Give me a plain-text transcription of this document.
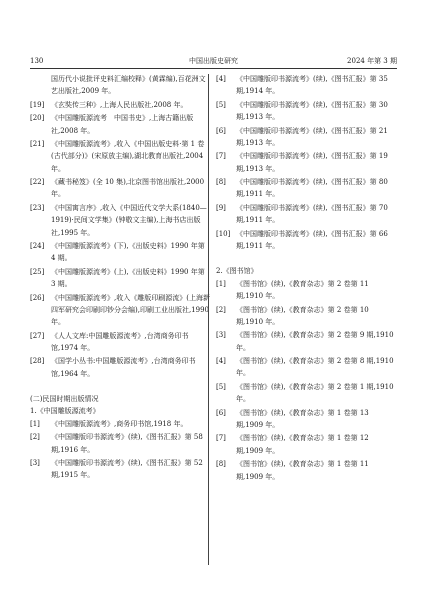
130	中国出版史研究	2024 年第 3 期
国历代小说批评史料汇编校释》(黄霖编),百花洲文艺出版社,2009 年。
[19] 《玄奘传三种》,上海人民出版社,2008 年。
[20] 《中国雕版源流考　中国书史》,上海古籍出版社,2008 年。
[21] 《中国雕版源流考》,收入《中国出版史料·第 1 卷(古代部分)》(宋原放主编),湖北教育出版社,2004 年。
[22] 《藏书秘笈》(全 10 集),北京图书馆出版社,2000 年。
[23] 《中国寓言序》,收入《中国近代文学大系(1840—1919)·民间文学集》(钟敬文主编),上海书店出版社,1995 年。
[24] 《中国雕版源流考》(下),《出版史料》1990 年第 4 期。
[25] 《中国雕版源流考》(上),《出版史料》1990 年第 3 期。
[26] 《中国雕版源流考》,收入《雕版印刷源流》(上海新四军研究会印刷印钞分会编),印刷工业出版社,1990 年。
[27] 《人人文库:中国雕版源流考》,台湾商务印书馆,1974 年。
[28] 《国学小丛书:中国雕版源流考》,台湾商务印书馆,1964 年。
(二)民国时期出版情况
1.《中国雕版源流考》
[1]	《中国雕版源流考》,商务印书馆,1918 年。
[2]	《中国雕版印书源流考》(续),《图书汇报》第 58 期,1916 年。
[3]	《中国雕版印书源流考》(续),《图书汇报》第 52 期,1915 年。
[4]	《中国雕版印书源流考》(续),《图书汇报》第 35 期,1914 年。
[5]	《中国雕版印书源流考》(续),《图书汇报》第 30 期,1913 年。
[6]	《中国雕版印书源流考》(续),《图书汇报》第 21 期,1913 年。
[7]	《中国雕版印书源流考》(续),《图书汇报》第 19 期,1913 年。
[8]	《中国雕版印书源流考》(续),《图书汇报》第 80 期,1911 年。
[9]	《中国雕版印书源流考》(续),《图书汇报》第 70 期,1911 年。
[10] 《中国雕版印书源流考》(续),《图书汇报》第 66 期,1911 年。
2.《图书馆》
[1]	《图书馆》(续),《教育杂志》第 2 卷第 11 期,1910 年。
[2]	《图书馆》(续),《教育杂志》第 2 卷第 10 期,1910 年。
[3]	《图书馆》(续),《教育杂志》第 2 卷第 9 期,1910 年。
[4]	《图书馆》(续),《教育杂志》第 2 卷第 8 期,1910 年。
[5]	《图书馆》(续),《教育杂志》第 2 卷第 1 期,1910 年。
[6]	《图书馆》(续),《教育杂志》第 1 卷第 13 期,1909 年。
[7]	《图书馆》(续),《教育杂志》第 1 卷第 12 期,1909 年。
[8]	《图书馆》(续),《教育杂志》第 1 卷第 11 期,1909 年。
